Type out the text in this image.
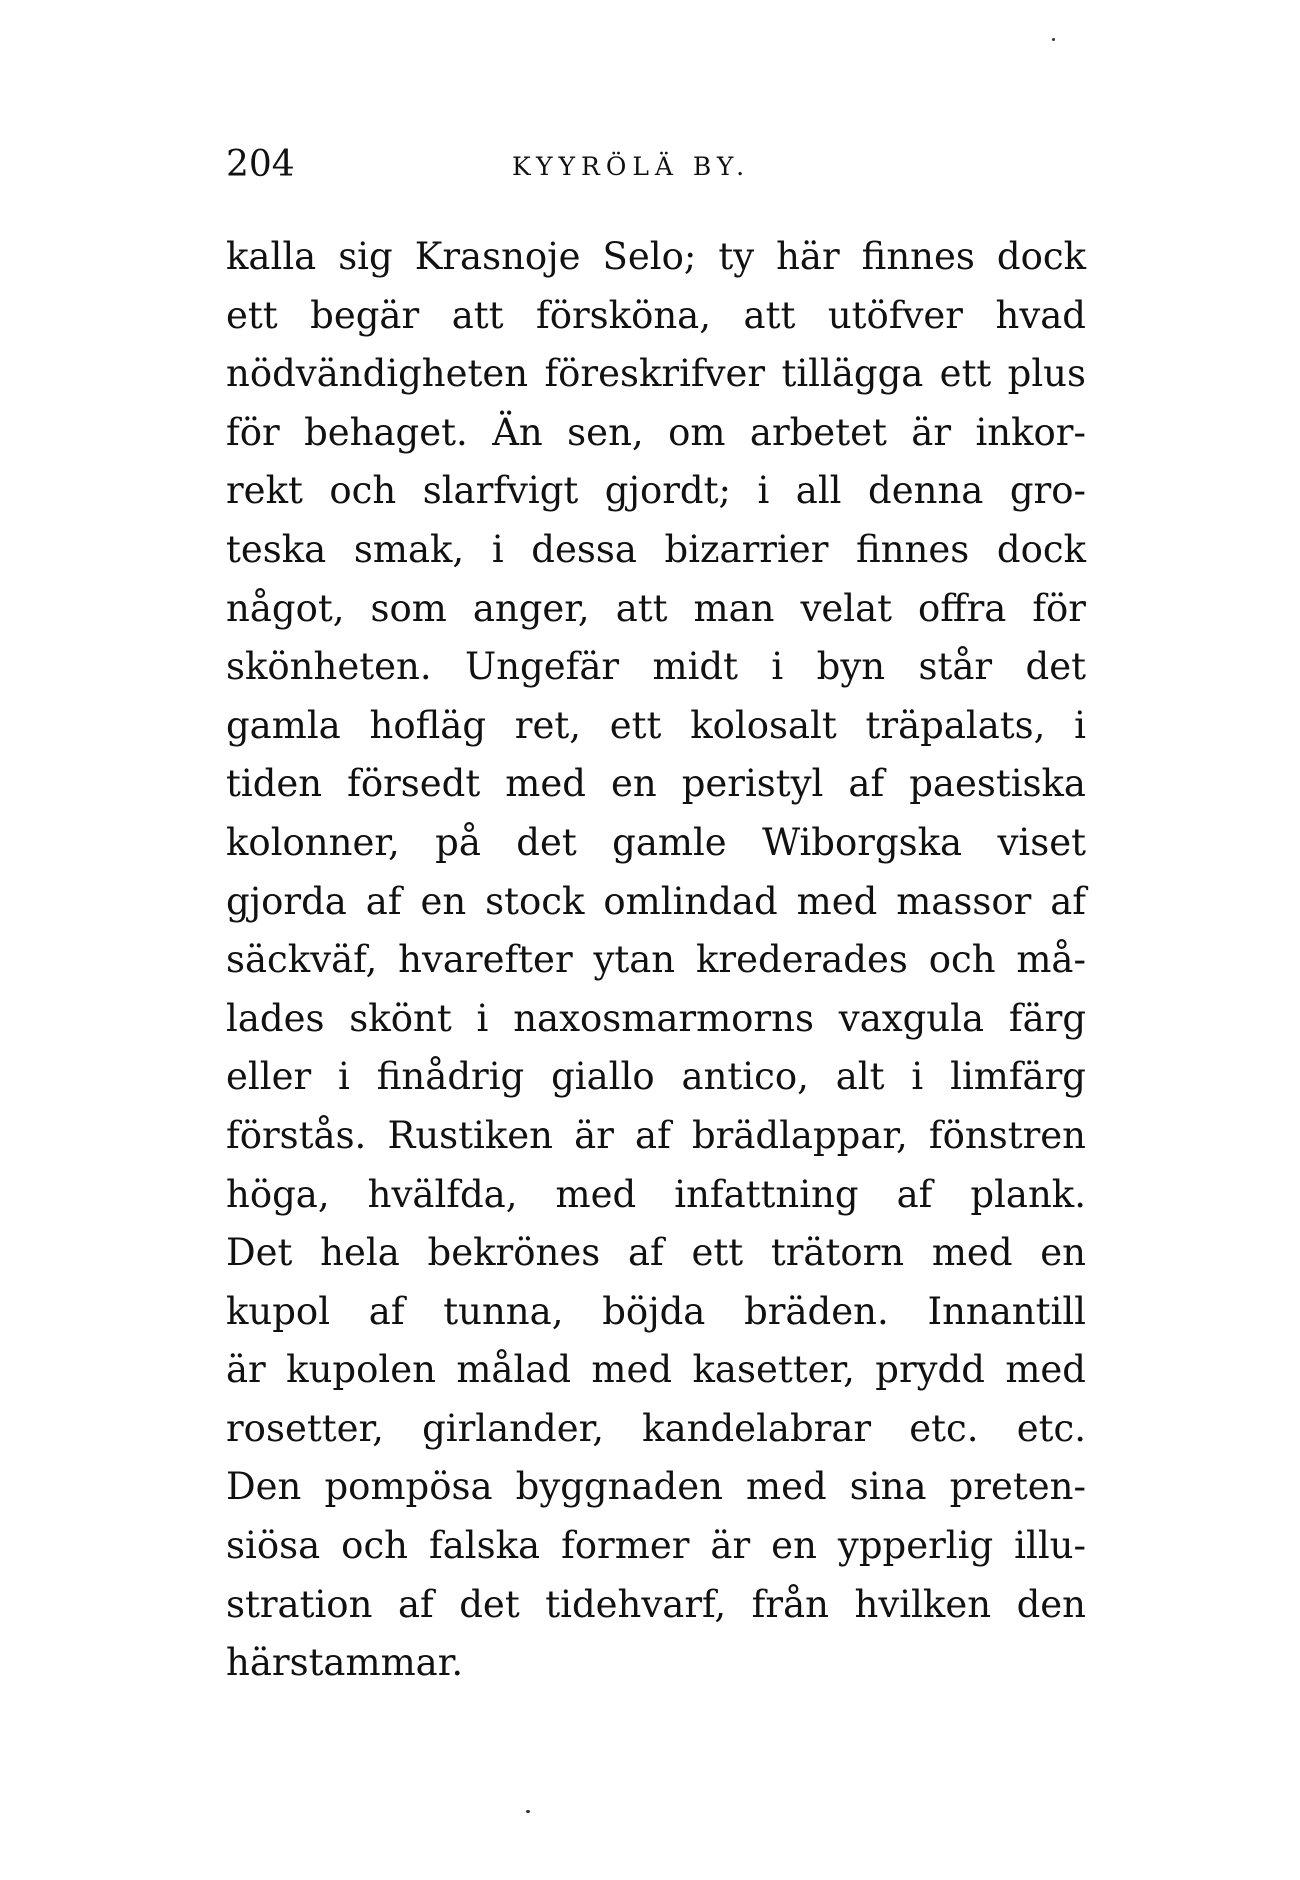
204	KYYRÖLÄ BY.
kalla sig Krasnoje Selo; ty här finnes dock
ett begär att försköna, att utöfver hvad
nödvändigheten föreskrifver tillägga ett plus
för behaget. Än sen, om arbetet är inkor-
rekt och slarfvigt gjordt; i all denna gro-
teska smak, i dessa bizarrier finnes dock
något, som anger, att man velat offra för
skönheten. Ungefär midt i byn står det
gamla hofläg ret, ett kolosalt träpalats, i
tiden försedt med en peristyl af paestiska
kolonner, på det gamle Wiborgska viset
gjorda af en stock omlindad med massor af
säckväf, hvarefter ytan krederades och må-
lades skönt i naxosmarmorns vaxgula färg
eller i finådrig giallo antico, alt i limfärg
förstås. Rustiken är af brädlappar, fönstren
höga, hvälfda, med infattning af plank.
Det hela bekrönes af ett trätorn med en
kupol af tunna, böjda bräden. Innantill
är kupolen målad med kasetter, prydd med
rosetter, girlander, kandelabrar etc. etc.
Den pompösa byggnaden med sina preten-
siösa och falska former är en ypperlig illu-
stration af det tidehvarf, från hvilken den
härstammar.
